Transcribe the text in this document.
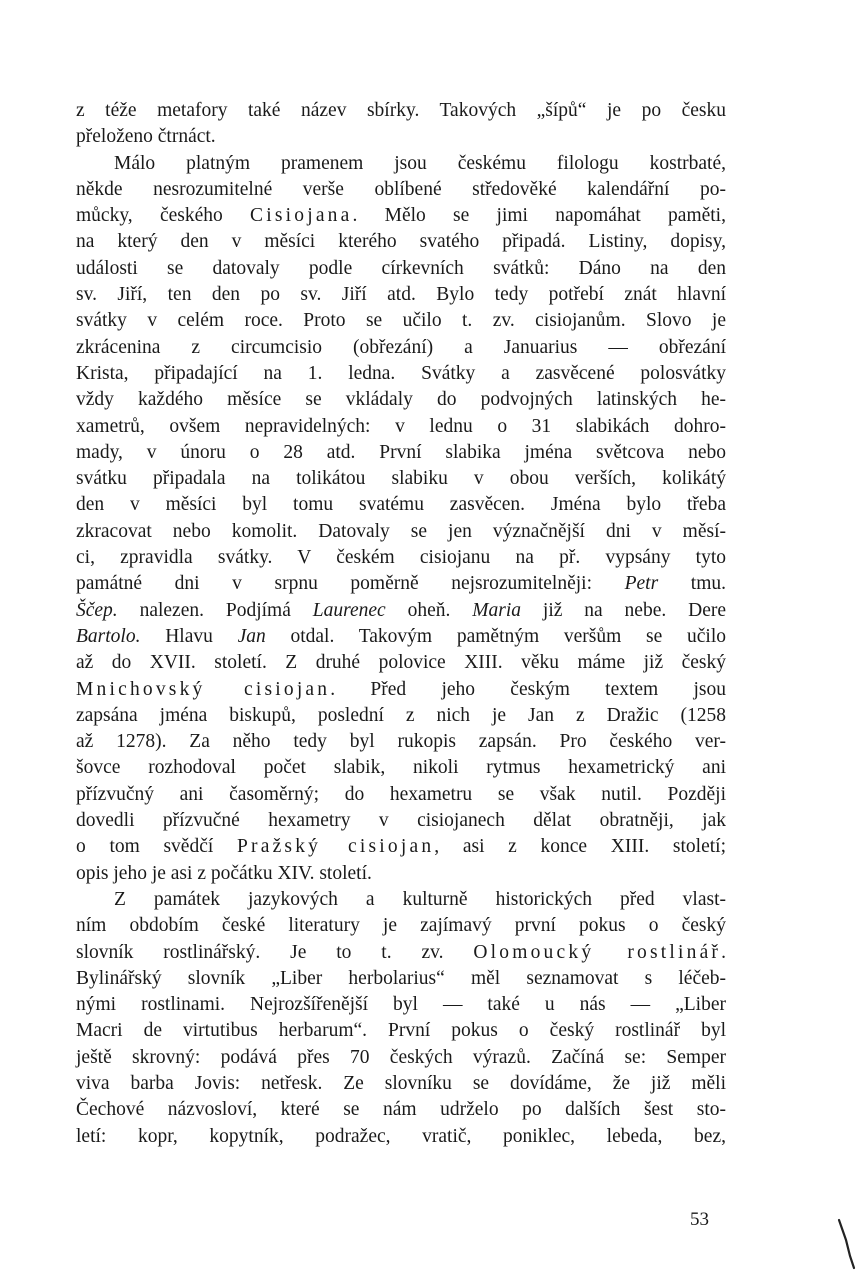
z téže metafory také název sbírky. Takových „šípů“ je po česku
přeloženo čtrnáct.
Málo platným pramenem jsou českému filologu kostrbaté,
někde nesrozumitelné verše oblíbené středověké kalendářní po-
můcky, českého Cisiojana. Mělo se jimi napomáhat paměti,
na který den v měsíci kterého svatého připadá. Listiny, dopisy,
události se datovaly podle církevních svátků: Dáno na den
sv. Jiří, ten den po sv. Jiří atd. Bylo tedy potřebí znát hlavní
svátky v celém roce. Proto se učilo t. zv. cisiojanům. Slovo je
zkrácenina z circumcisio (obřezání) a Januarius — obřezání
Krista, připadající na 1. ledna. Svátky a zasvěcené polosvátky
vždy každého měsíce se vkládaly do podvojných latinských he-
xametrů, ovšem nepravidelných: v lednu o 31 slabikách dohro-
mady, v únoru o 28 atd. První slabika jména světcova nebo
svátku připadala na tolikátou slabiku v obou verších, kolikátý
den v měsíci byl tomu svatému zasvěcen. Jména bylo třeba
zkracovat nebo komolit. Datovaly se jen význačnější dni v měsí-
ci, zpravidla svátky. V českém cisiojanu na př. vypsány tyto
památné dni v srpnu poměrně nejsrozumitelněji: Petr tmu.
Ščep. nalezen. Podjímá Laurenec oheň. Maria již na nebe. Dere
Bartolo. Hlavu Jan otdal. Takovým pamětným veršům se učilo
až do XVII. století. Z druhé polovice XIII. věku máme již český
Mnichovský cisiojan. Před jeho českým textem jsou
zapsána jména biskupů, poslední z nich je Jan z Dražic (1258
až 1278). Za něho tedy byl rukopis zapsán. Pro českého ver-
šovce rozhodoval počet slabik, nikoli rytmus hexametrický ani
přízvučný ani časoměrný; do hexametru se však nutil. Později
dovedli přízvučné hexametry v cisiojanech dělat obratněji, jak
o tom svědčí Pražský cisiojan, asi z konce XIII. století;
opis jeho je asi z počátku XIV. století.
Z památek jazykových a kulturně historických před vlast-
ním obdobím české literatury je zajímavý první pokus o český
slovník rostlinářský. Je to t. zv. Olomoucký rostlinář.
Bylinářský slovník „Liber herbolarius“ měl seznamovat s léčeb-
nými rostlinami. Nejrozšířenější byl — také u nás — „Liber
Macri de virtutibus herbarum“. První pokus o český rostlinář byl
ještě skrovný: podává přes 70 českých výrazů. Začíná se: Semper
viva barba Jovis: netřesk. Ze slovníku se dovídáme, že již měli
Čechové názvosloví, které se nám udrželo po dalších šest sto-
letí: kopr, kopytník, podražec, vratič, poniklec, lebeda, bez,
53
